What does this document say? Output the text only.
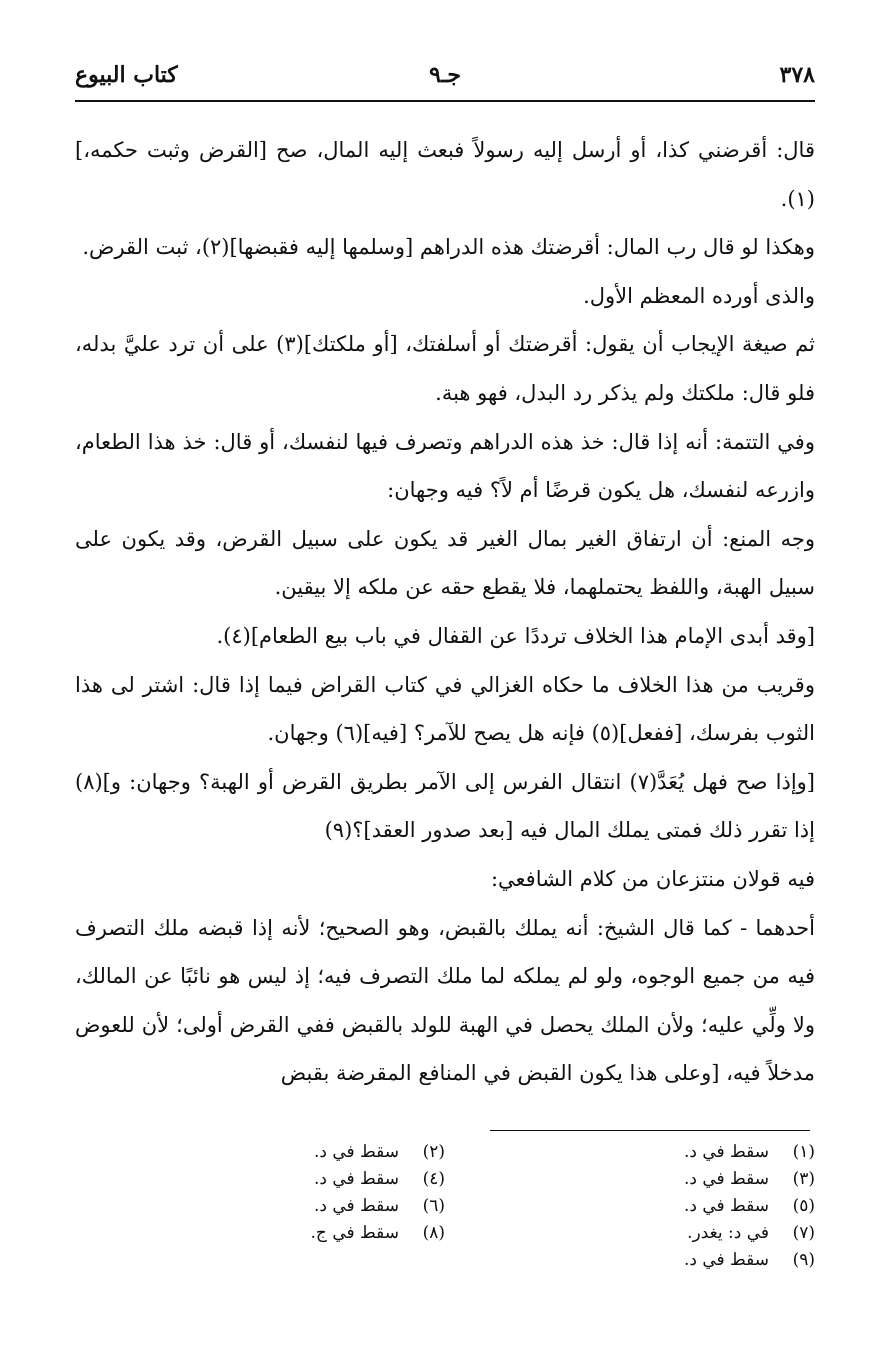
٣٧٨
جـ٩
كتاب البيوع

قال: أقرضني كذا، أو أرسل إليه رسولاً فبعث إليه المال، صح [القرض وثبت حكمه،](١).

وهكذا لو قال رب المال: أقرضتك هذه الدراهم [وسلمها إليه فقبضها](٢)، ثبت القرض.

والذى أورده المعظم الأول.

ثم صيغة الإيجاب أن يقول: أقرضتك أو أسلفتك، [أو ملكتك](٣) على أن ترد عليَّ بدله، فلو قال: ملكتك ولم يذكر رد البدل، فهو هبة.

وفي التتمة: أنه إذا قال: خذ هذه الدراهم وتصرف فيها لنفسك، أو قال: خذ هذا الطعام، وازرعه لنفسك، هل يكون قرضًا أم لاً؟ فيه وجهان:

وجه المنع: أن ارتفاق الغير بمال الغير قد يكون على سبيل القرض، وقد يكون على سبيل الهبة، واللفظ يحتملهما، فلا يقطع حقه عن ملكه إلا بيقين.

[وقد أبدى الإمام هذا الخلاف ترددًا عن القفال في باب بيع الطعام](٤).

وقريب من هذا الخلاف ما حكاه الغزالي في كتاب القراض فيما إذا قال: اشتر لى هذا الثوب بفرسك، [ففعل](٥) فإنه هل يصح للآمر؟ [فيه](٦) وجهان.

[وإذا صح فهل يُعَدَّ(٧) انتقال الفرس إلى الآمر بطريق القرض أو الهبة؟ وجهان: و](٨) إذا تقرر ذلك فمتى يملك المال فيه [بعد صدور العقد]؟(٩)

فيه قولان منتزعان من كلام الشافعي:

أحدهما - كما قال الشيخ: أنه يملك بالقبض، وهو الصحيح؛ لأنه إذا قبضه ملك التصرف فيه من جميع الوجوه، ولو لم يملكه لما ملك التصرف فيه؛ إذ ليس هو نائبًا عن المالك، ولا ولِّي عليه؛ ولأن الملك يحصل في الهبة للولد بالقبض ففي القرض أولى؛ لأن للعوض مدخلاً فيه، [وعلى هذا يكون القبض في المنافع المقرضة بقبض

(١)
سقط في د.
(٢)
سقط في د.
(٣)
سقط في د.
(٤)
سقط في د.
(٥)
سقط في د.
(٦)
سقط في د.
(٧)
في د: يغدر.
(٨)
سقط في ج.
(٩)
سقط في د.
